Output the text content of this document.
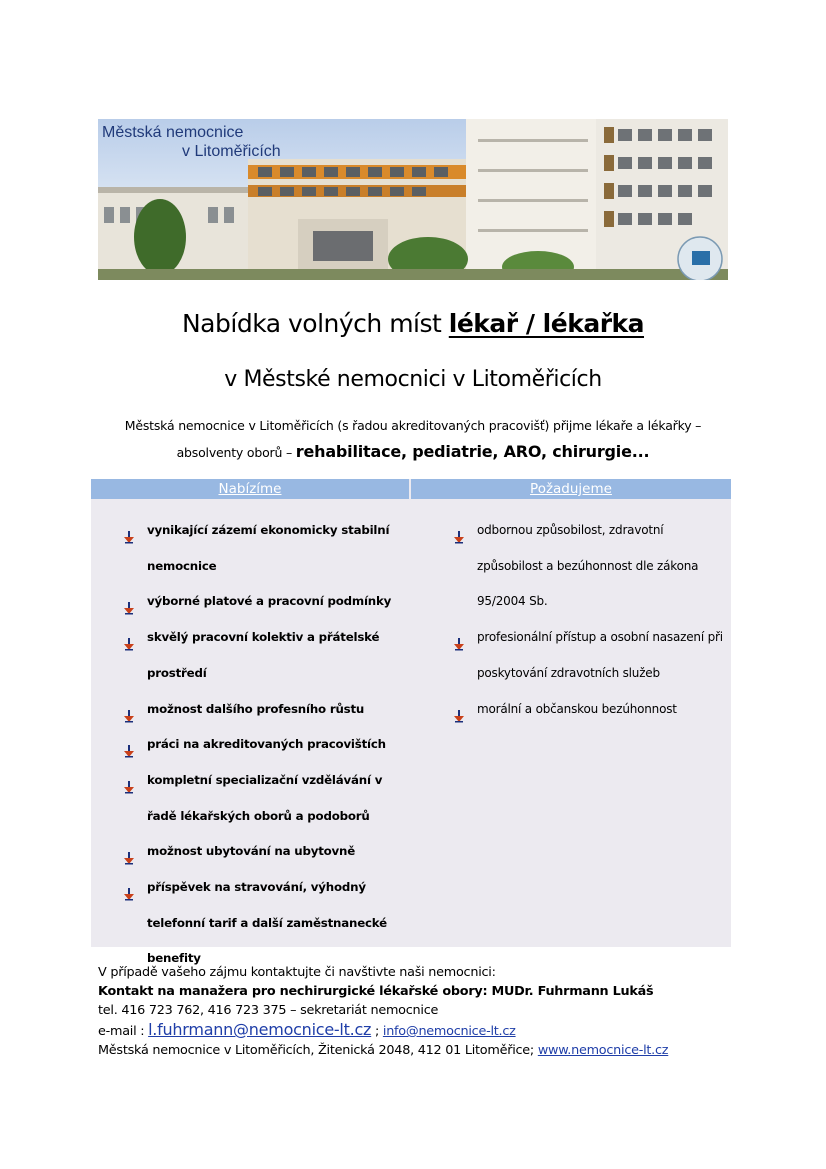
Městská nemocnice
v Litoměřicích
Nabídka volných míst lékař / lékařka
v Městské nemocnici v Litoměřicích
Městská nemocnice v Litoměřicích (s řadou akreditovaných pracovišť) přijme lékaře a lékařky –
absolventy oborů – rehabilitace, pediatrie, ARO, chirurgie...
Nabízíme	Požadujeme
vynikající zázemí ekonomicky stabilní nemocnice
výborné platové a pracovní podmínky
skvělý pracovní kolektiv a přátelské prostředí
možnost dalšího profesního růstu
práci na akreditovaných pracovištích
kompletní specializační vzdělávání v řadě lékařských oborů a podoborů
možnost ubytování na ubytovně
příspěvek na stravování, výhodný telefonní tarif a další zaměstnanecké benefity
odbornou způsobilost, zdravotní způsobilost a bezúhonnost dle zákona 95/2004 Sb.
profesionální přístup a osobní nasazení při poskytování zdravotních služeb
morální a občanskou bezúhonnost
V případě vašeho zájmu kontaktujte či navštivte naši nemocnici:
Kontakt na manažera pro nechirurgické lékařské obory: MUDr. Fuhrmann Lukáš
tel. 416 723 762, 416 723 375 – sekretariát nemocnice
e-mail : l.fuhrmann@nemocnice-lt.cz ; info@nemocnice-lt.cz
Městská nemocnice v Litoměřicích, Žitenická 2048, 412 01 Litoměřice; www.nemocnice-lt.cz
